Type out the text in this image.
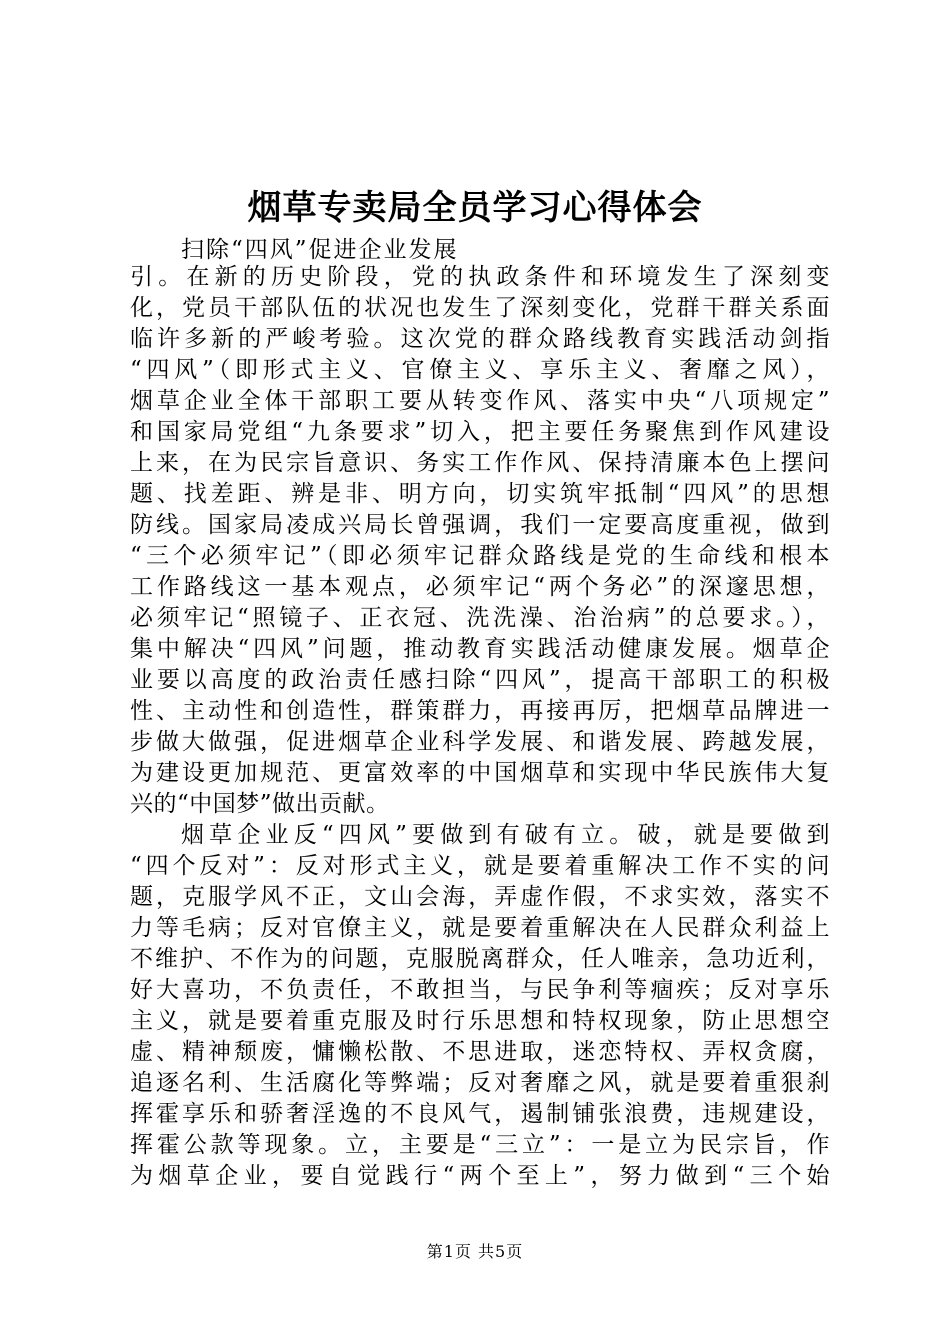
烟草专卖局全员学习心得体会
扫除“四风”促进企业发展
引。在新的历史阶段，党的执政条件和环境发生了深刻变
化，党员干部队伍的状况也发生了深刻变化，党群干群关系面
临许多新的严峻考验。这次党的群众路线教育实践活动剑指
“四风”（即形式主义、官僚主义、享乐主义、奢靡之风），
烟草企业全体干部职工要从转变作风、落实中央“八项规定”
和国家局党组“九条要求”切入，把主要任务聚焦到作风建设
上来，在为民宗旨意识、务实工作作风、保持清廉本色上摆问
题、找差距、辨是非、明方向，切实筑牢抵制“四风”的思想
防线。国家局凌成兴局长曾强调，我们一定要高度重视，做到
“三个必须牢记”（即必须牢记群众路线是党的生命线和根本
工作路线这一基本观点，必须牢记“两个务必”的深邃思想，
必须牢记“照镜子、正衣冠、洗洗澡、治治病”的总要求。），
集中解决“四风”问题，推动教育实践活动健康发展。烟草企
业要以高度的政治责任感扫除“四风”，提高干部职工的积极
性、主动性和创造性，群策群力，再接再厉，把烟草品牌进一
步做大做强，促进烟草企业科学发展、和谐发展、跨越发展，
为建设更加规范、更富效率的中国烟草和实现中华民族伟大复
兴的“中国梦”做出贡献。
烟草企业反“四风”要做到有破有立。破，就是要做到
“四个反对”：反对形式主义，就是要着重解决工作不实的问
题，克服学风不正，文山会海，弄虚作假，不求实效，落实不
力等毛病；反对官僚主义，就是要着重解决在人民群众利益上
不维护、不作为的问题，克服脱离群众，任人唯亲，急功近利，
好大喜功，不负责任，不敢担当，与民争利等痼疾；反对享乐
主义，就是要着重克服及时行乐思想和特权现象，防止思想空
虚、精神颓废，慵懒松散、不思进取，迷恋特权、弄权贪腐，
追逐名利、生活腐化等弊端；反对奢靡之风，就是要着重狠刹
挥霍享乐和骄奢淫逸的不良风气，遏制铺张浪费，违规建设，
挥霍公款等现象。立，主要是“三立”：一是立为民宗旨，作
为烟草企业，要自觉践行“两个至上”，努力做到“三个始
第1页 共5页
